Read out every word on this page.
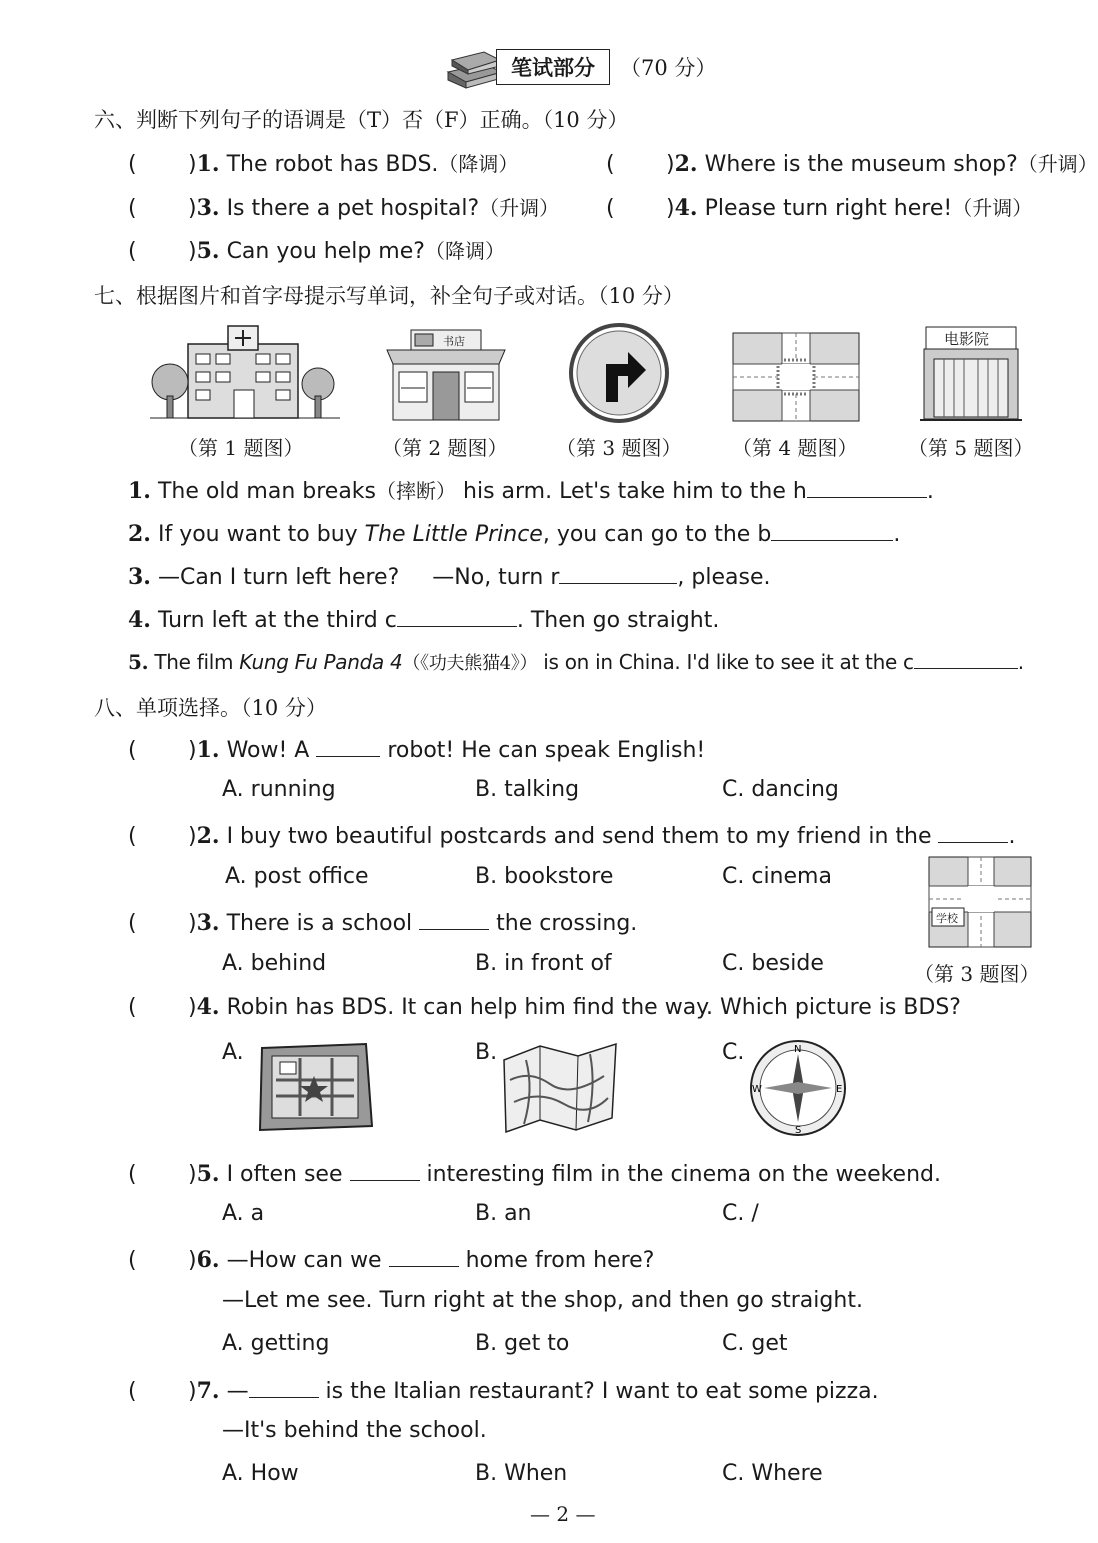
笔试部分	（70 分）
六、判断下列句子的语调是（T）否（F）正确。（10 分）
( )1. The robot has BDS.（降调）	( )2. Where is the museum shop?（升调）
( )3. Is there a pet hospital?（升调） ( )4. Please turn right here!（升调）
( )5. Can you help me?（降调）
七、根据图片和首字母提示写单词，补全句子或对话。（10 分）
书店	电影院
（第 1 题图）	（第 2 题图） （第 3 题图）	（第 4 题图）	（第 5 题图）
1. The old man breaks（摔断） his arm. Let's take him to the h	.
2. If you want to buy The Little Prince, you can go to the b	.
3. —Can I turn left here? —No, turn r	, please.
4. Turn left at the third c	. Then go straight.
5. The film Kung Fu Panda 4（《功夫熊猫4》） is on in China. I'd like to see it at the c	.
八、单项选择。（10 分）
( )1. Wow! A	robot! He can speak English!
A. running	B. talking	C. dancing
( )2. I buy two beautiful postcards and send them to my friend in the	.
A. post office	B. bookstore	C. cinema
学校
（第 3 题图）
( )3. There is a school	the crossing.
A. behind	B. in front of	C. beside
( )4. Robin has BDS. It can help him find the way. Which picture is BDS?
A.	B.	C.	N
S
W	E
( )5. I often see	interesting film in the cinema on the weekend.
A. a	B. an	C. /
( )6. —How can we	home from here?
—Let me see. Turn right at the shop, and then go straight.
A. getting	B. get to	C. get
( )7. —	is the Italian restaurant? I want to eat some pizza.
—It's behind the school.
A. How	B. When	C. Where
— 2 —
